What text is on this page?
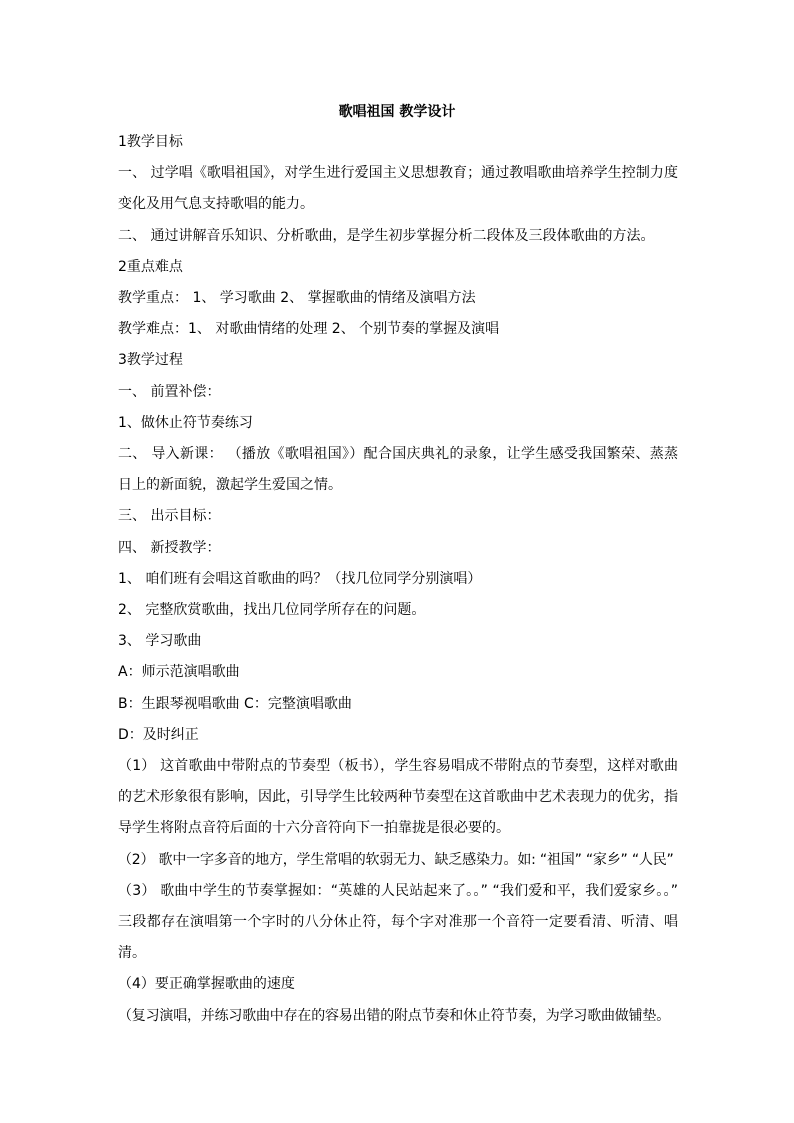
歌唱祖国 教学设计

1教学目标

一、 过学唱《歌唱祖国》，对学生进行爱国主义思想教育；通过教唱歌曲培养学生控制力度变化及用气息支持歌唱的能力。

二、 通过讲解音乐知识、分析歌曲，是学生初步掌握分析二段体及三段体歌曲的方法。

2重点难点

教学重点： 1、 学习歌曲 2、 掌握歌曲的情绪及演唱方法

教学难点：1、 对歌曲情绪的处理 2、 个别节奏的掌握及演唱

3教学过程

一、 前置补偿：

1、做休止符节奏练习

二、 导入新课： （播放《歌唱祖国》）配合国庆典礼的录象，让学生感受我国繁荣、蒸蒸日上的新面貌，激起学生爱国之情。

三、 出示目标：

四、 新授教学：

1、 咱们班有会唱这首歌曲的吗？（找几位同学分别演唱）

2、 完整欣赏歌曲，找出几位同学所存在的问题。

3、 学习歌曲

A：师示范演唱歌曲

B：生跟琴视唱歌曲 C：完整演唱歌曲

D：及时纠正

（1） 这首歌曲中带附点的节奏型（板书），学生容易唱成不带附点的节奏型，这样对歌曲的艺术形象很有影响，因此，引导学生比较两种节奏型在这首歌曲中艺术表现力的优劣，指导学生将附点音符后面的十六分音符向下一拍靠拢是很必要的。

（2） 歌中一字多音的地方，学生常唱的软弱无力、缺乏感染力。如: “祖国” “家乡” “人民”

（3） 歌曲中学生的节奏掌握如：“英雄的人民站起来了。。” “我们爱和平，我们爱家乡。。” 三段都存在演唱第一个字时的八分休止符，每个字对准那一个音符一定要看清、听清、唱清。

（4）要正确掌握歌曲的速度

（复习演唱，并练习歌曲中存在的容易出错的附点节奏和休止符节奏，为学习歌曲做铺垫。
